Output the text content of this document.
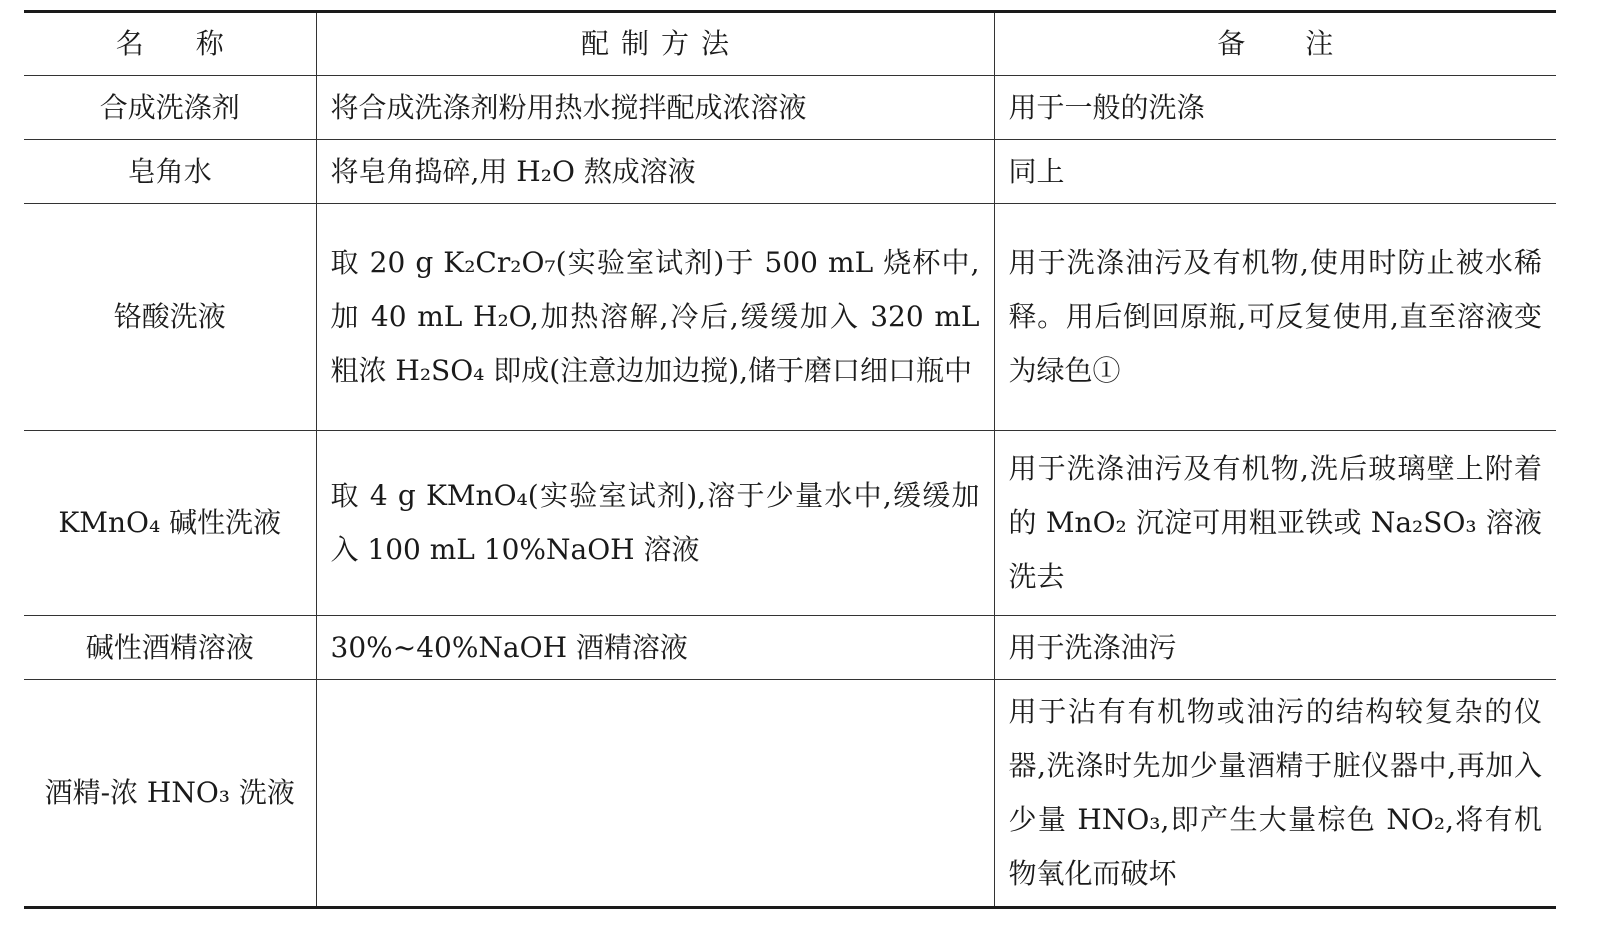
名称	配制方法	备注
合成洗涤剂	将合成洗涤剂粉用热水搅拌配成浓溶液	用于一般的洗涤
皂角水	将皂角捣碎,用 H₂O 熬成溶液	同上
铬酸洗液	取 20 g K₂Cr₂O₇(实验室试剂)于 500 mL 烧杯中,加 40 mL H₂O,加热溶解,冷后,缓缓加入 320 mL 粗浓 H₂SO₄ 即成(注意边加边搅),储于磨口细口瓶中	用于洗涤油污及有机物,使用时防止被水稀释。用后倒回原瓶,可反复使用,直至溶液变为绿色①
KMnO₄ 碱性洗液	取 4 g KMnO₄(实验室试剂),溶于少量水中,缓缓加入 100 mL 10%NaOH 溶液	用于洗涤油污及有机物,洗后玻璃壁上附着的 MnO₂ 沉淀可用粗亚铁或 Na₂SO₃ 溶液洗去
碱性酒精溶液	30%~40%NaOH 酒精溶液	用于洗涤油污
酒精-浓 HNO₃ 洗液		用于沾有有机物或油污的结构较复杂的仪器,洗涤时先加少量酒精于脏仪器中,再加入少量 HNO₃,即产生大量棕色 NO₂,将有机物氧化而破坏
